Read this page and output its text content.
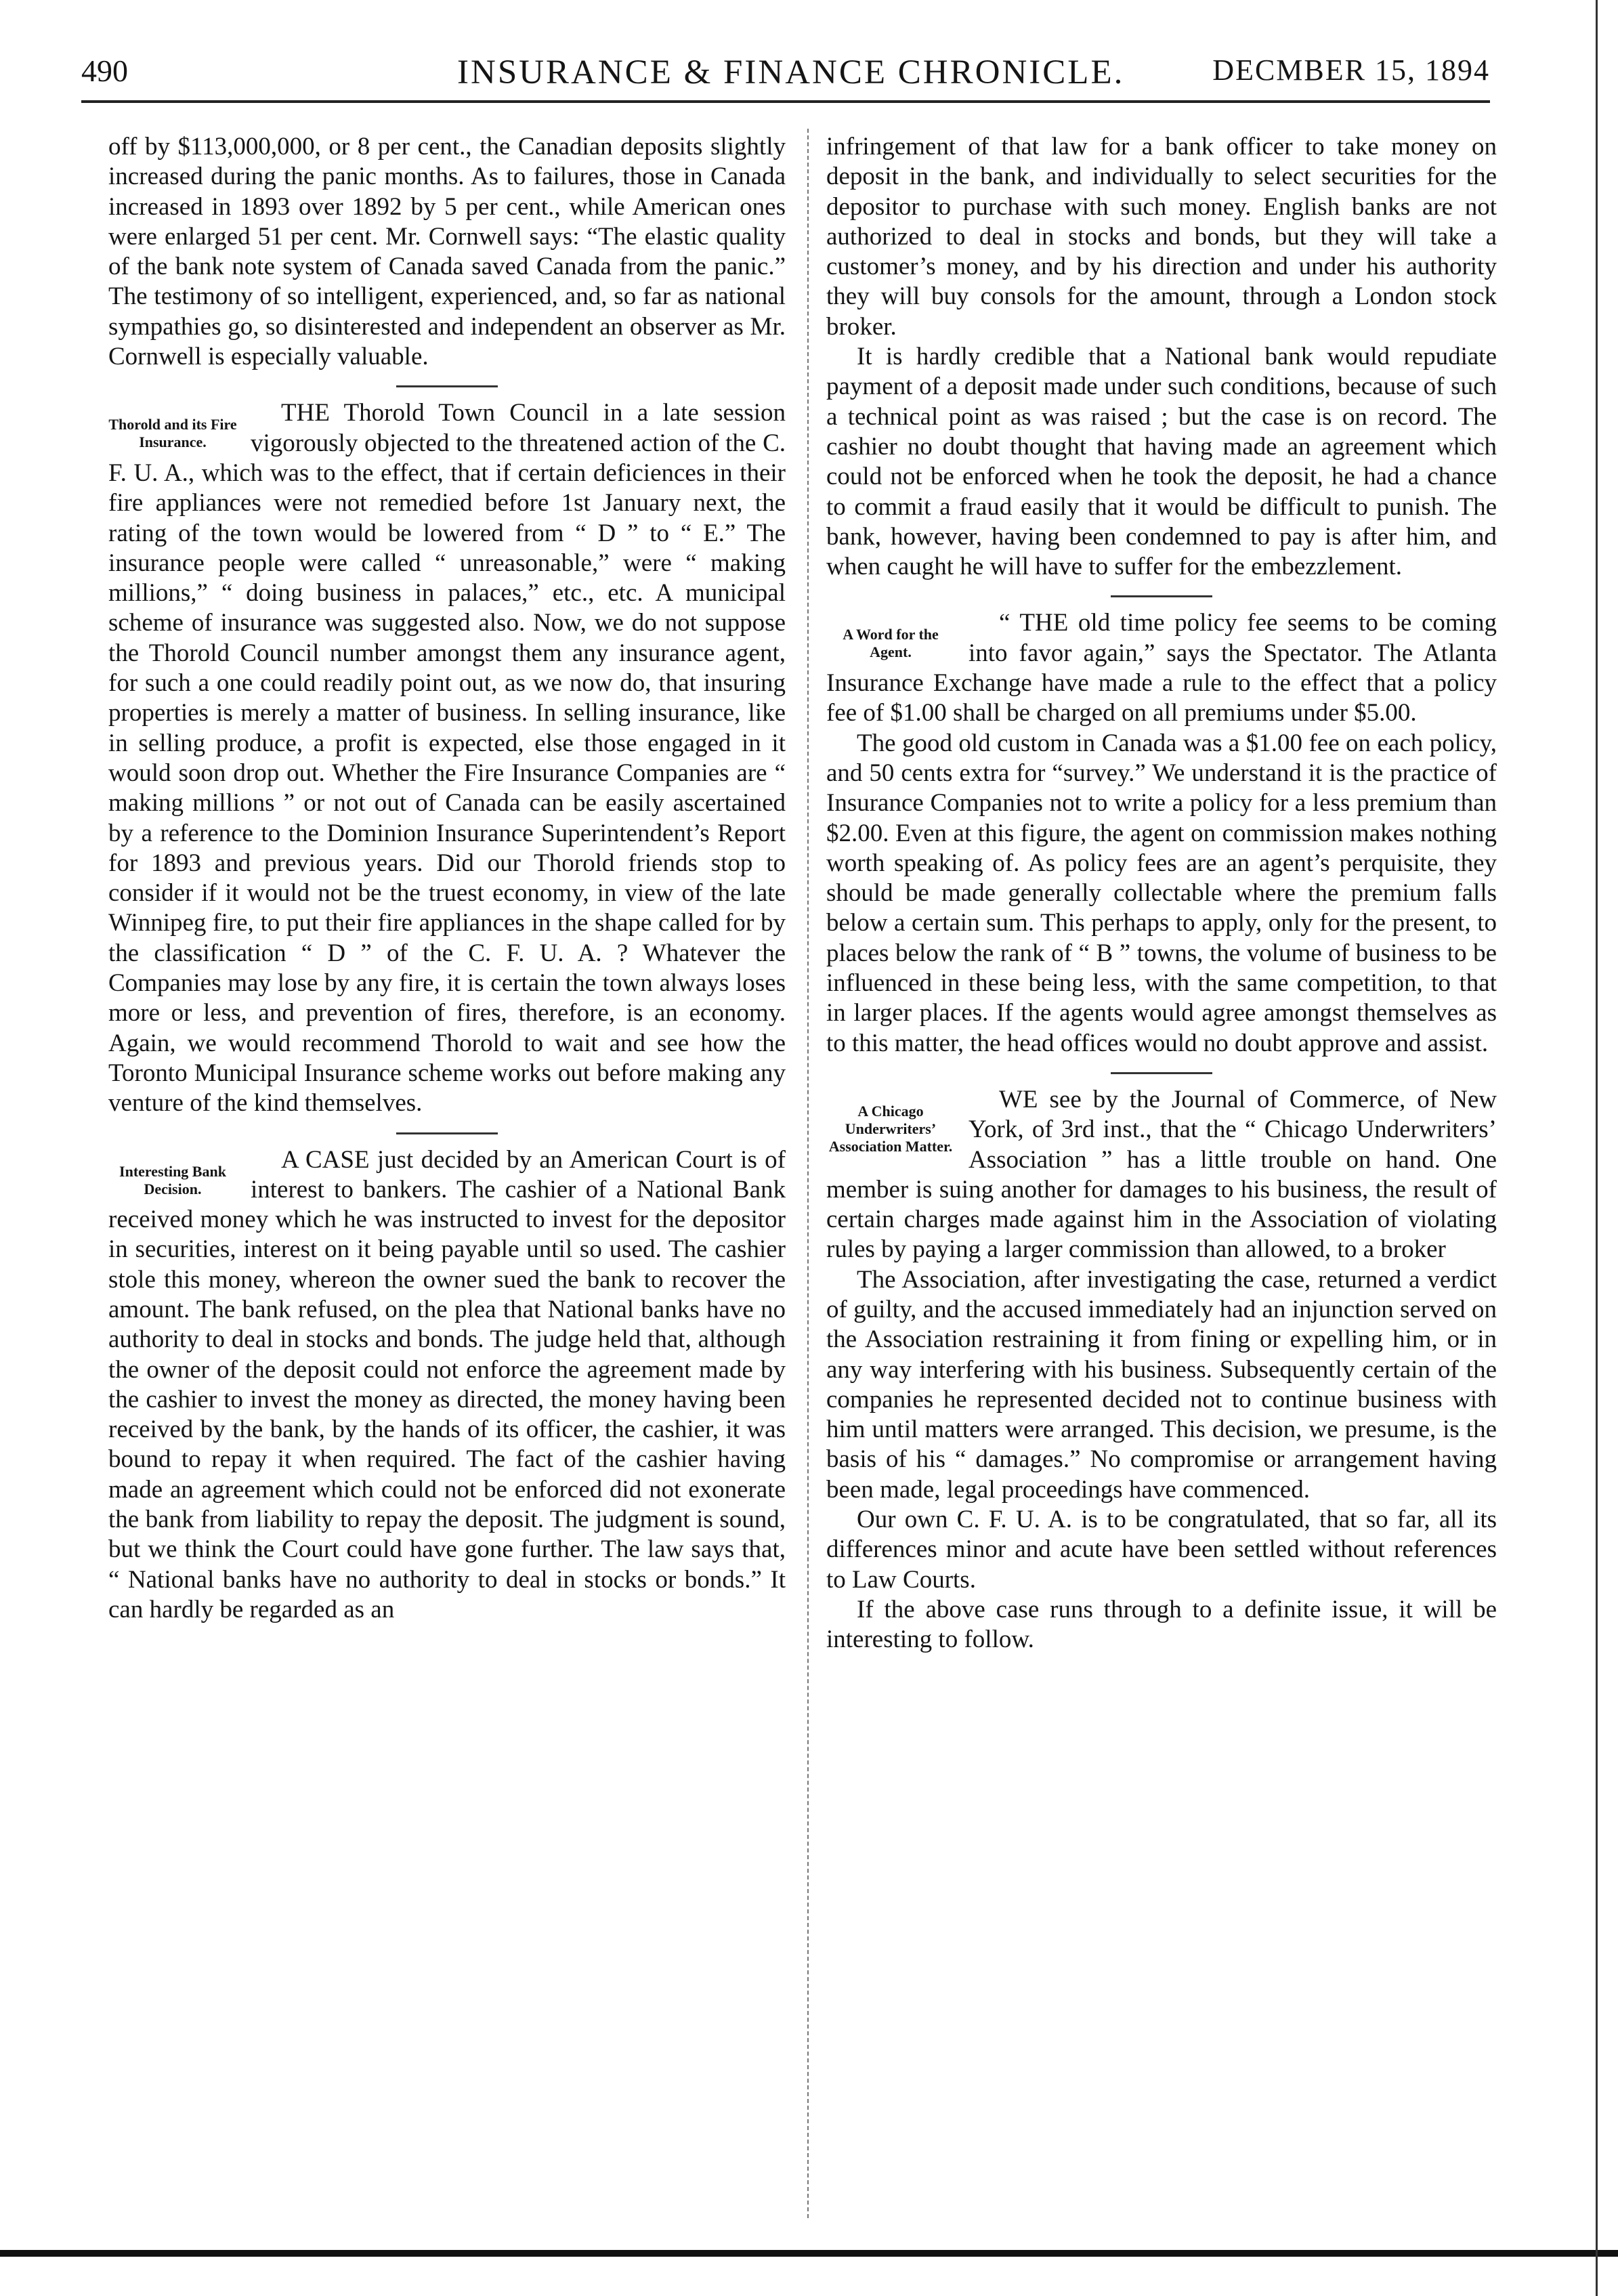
490	INSURANCE & FINANCE CHRONICLE.	DECMBER 15, 1894

off by $113,000,000, or 8 per cent., the Canadian deposits slightly increased during the panic months. As to failures, those in Canada increased in 1893 over 1892 by 5 per cent., while American ones were enlarged 51 per cent. Mr. Cornwell says: “The elastic quality of the bank note system of Canada saved Canada from the panic.” The testimony of so intelligent, experienced, and, so far as national sympathies go, so disinterested and independent an observer as Mr. Cornwell is especially valuable.

Thorold and its Fire Insurance.

THE Thorold Town Council in a late session vigorously objected to the threatened action of the C. F. U. A., which was to the effect, that if certain deficiences in their fire appliances were not remedied before 1st January next, the rating of the town would be lowered from “ D ” to “ E.” The insurance people were called “ unreasonable,” were “ making millions,” “ doing business in palaces,” etc., etc. A municipal scheme of insurance was suggested also. Now, we do not suppose the Thorold Council number amongst them any insurance agent, for such a one could readily point out, as we now do, that insuring properties is merely a matter of business. In selling insurance, like in selling produce, a profit is expected, else those engaged in it would soon drop out. Whether the Fire Insurance Companies are “ making millions ” or not out of Canada can be easily ascertained by a reference to the Dominion Insurance Superintendent’s Report for 1893 and previous years. Did our Thorold friends stop to consider if it would not be the truest economy, in view of the late Winnipeg fire, to put their fire appliances in the shape called for by the classification “ D ” of the C. F. U. A. ? Whatever the Companies may lose by any fire, it is certain the town always loses more or less, and prevention of fires, therefore, is an economy. Again, we would recommend Thorold to wait and see how the Toronto Municipal Insurance scheme works out before making any venture of the kind themselves.

Interesting Bank Decision.

A CASE just decided by an American Court is of interest to bankers. The cashier of a National Bank received money which he was instructed to invest for the depositor in securities, interest on it being payable until so used. The cashier stole this money, whereon the owner sued the bank to recover the amount. The bank refused, on the plea that National banks have no authority to deal in stocks and bonds. The judge held that, although the owner of the deposit could not enforce the agreement made by the cashier to invest the money as directed, the money having been received by the bank, by the hands of its officer, the cashier, it was bound to repay it when required. The fact of the cashier having made an agreement which could not be enforced did not exonerate the bank from liability to repay the deposit. The judgment is sound, but we think the Court could have gone further. The law says that, “ National banks have no authority to deal in stocks or bonds.” It can hardly be regarded as an

infringement of that law for a bank officer to take money on deposit in the bank, and individually to select securities for the depositor to purchase with such money. English banks are not authorized to deal in stocks and bonds, but they will take a customer’s money, and by his direction and under his authority they will buy consols for the amount, through a London stock broker.

It is hardly credible that a National bank would repudiate payment of a deposit made under such conditions, because of such a technical point as was raised ; but the case is on record. The cashier no doubt thought that having made an agreement which could not be enforced when he took the deposit, he had a chance to commit a fraud easily that it would be difficult to punish. The bank, however, having been condemned to pay is after him, and when caught he will have to suffer for the embezzlement.

A Word for the Agent.

“ THE old time policy fee seems to be coming into favor again,” says the Spectator. The Atlanta Insurance Exchange have made a rule to the effect that a policy fee of $1.00 shall be charged on all premiums under $5.00.

The good old custom in Canada was a $1.00 fee on each policy, and 50 cents extra for “survey.” We understand it is the practice of Insurance Companies not to write a policy for a less premium than $2.00. Even at this figure, the agent on commission makes nothing worth speaking of. As policy fees are an agent’s perquisite, they should be made generally collectable where the premium falls below a certain sum. This perhaps to apply, only for the present, to places below the rank of “ B ” towns, the volume of business to be influenced in these being less, with the same competition, to that in larger places. If the agents would agree amongst themselves as to this matter, the head offices would no doubt approve and assist.

A Chicago Underwriters’ Association Matter.

WE see by the Journal of Commerce, of New York, of 3rd inst., that the “ Chicago Underwriters’ Association ” has a little trouble on hand. One member is suing another for damages to his business, the result of certain charges made against him in the Association of violating rules by paying a larger commission than allowed, to a broker

The Association, after investigating the case, returned a verdict of guilty, and the accused immediately had an injunction served on the Association restraining it from fining or expelling him, or in any way interfering with his business. Subsequently certain of the companies he represented decided not to continue business with him until matters were arranged. This decision, we presume, is the basis of his “ damages.” No compromise or arrangement having been made, legal proceedings have commenced.

Our own C. F. U. A. is to be congratulated, that so far, all its differences minor and acute have been settled without references to Law Courts.

If the above case runs through to a definite issue, it will be interesting to follow.
